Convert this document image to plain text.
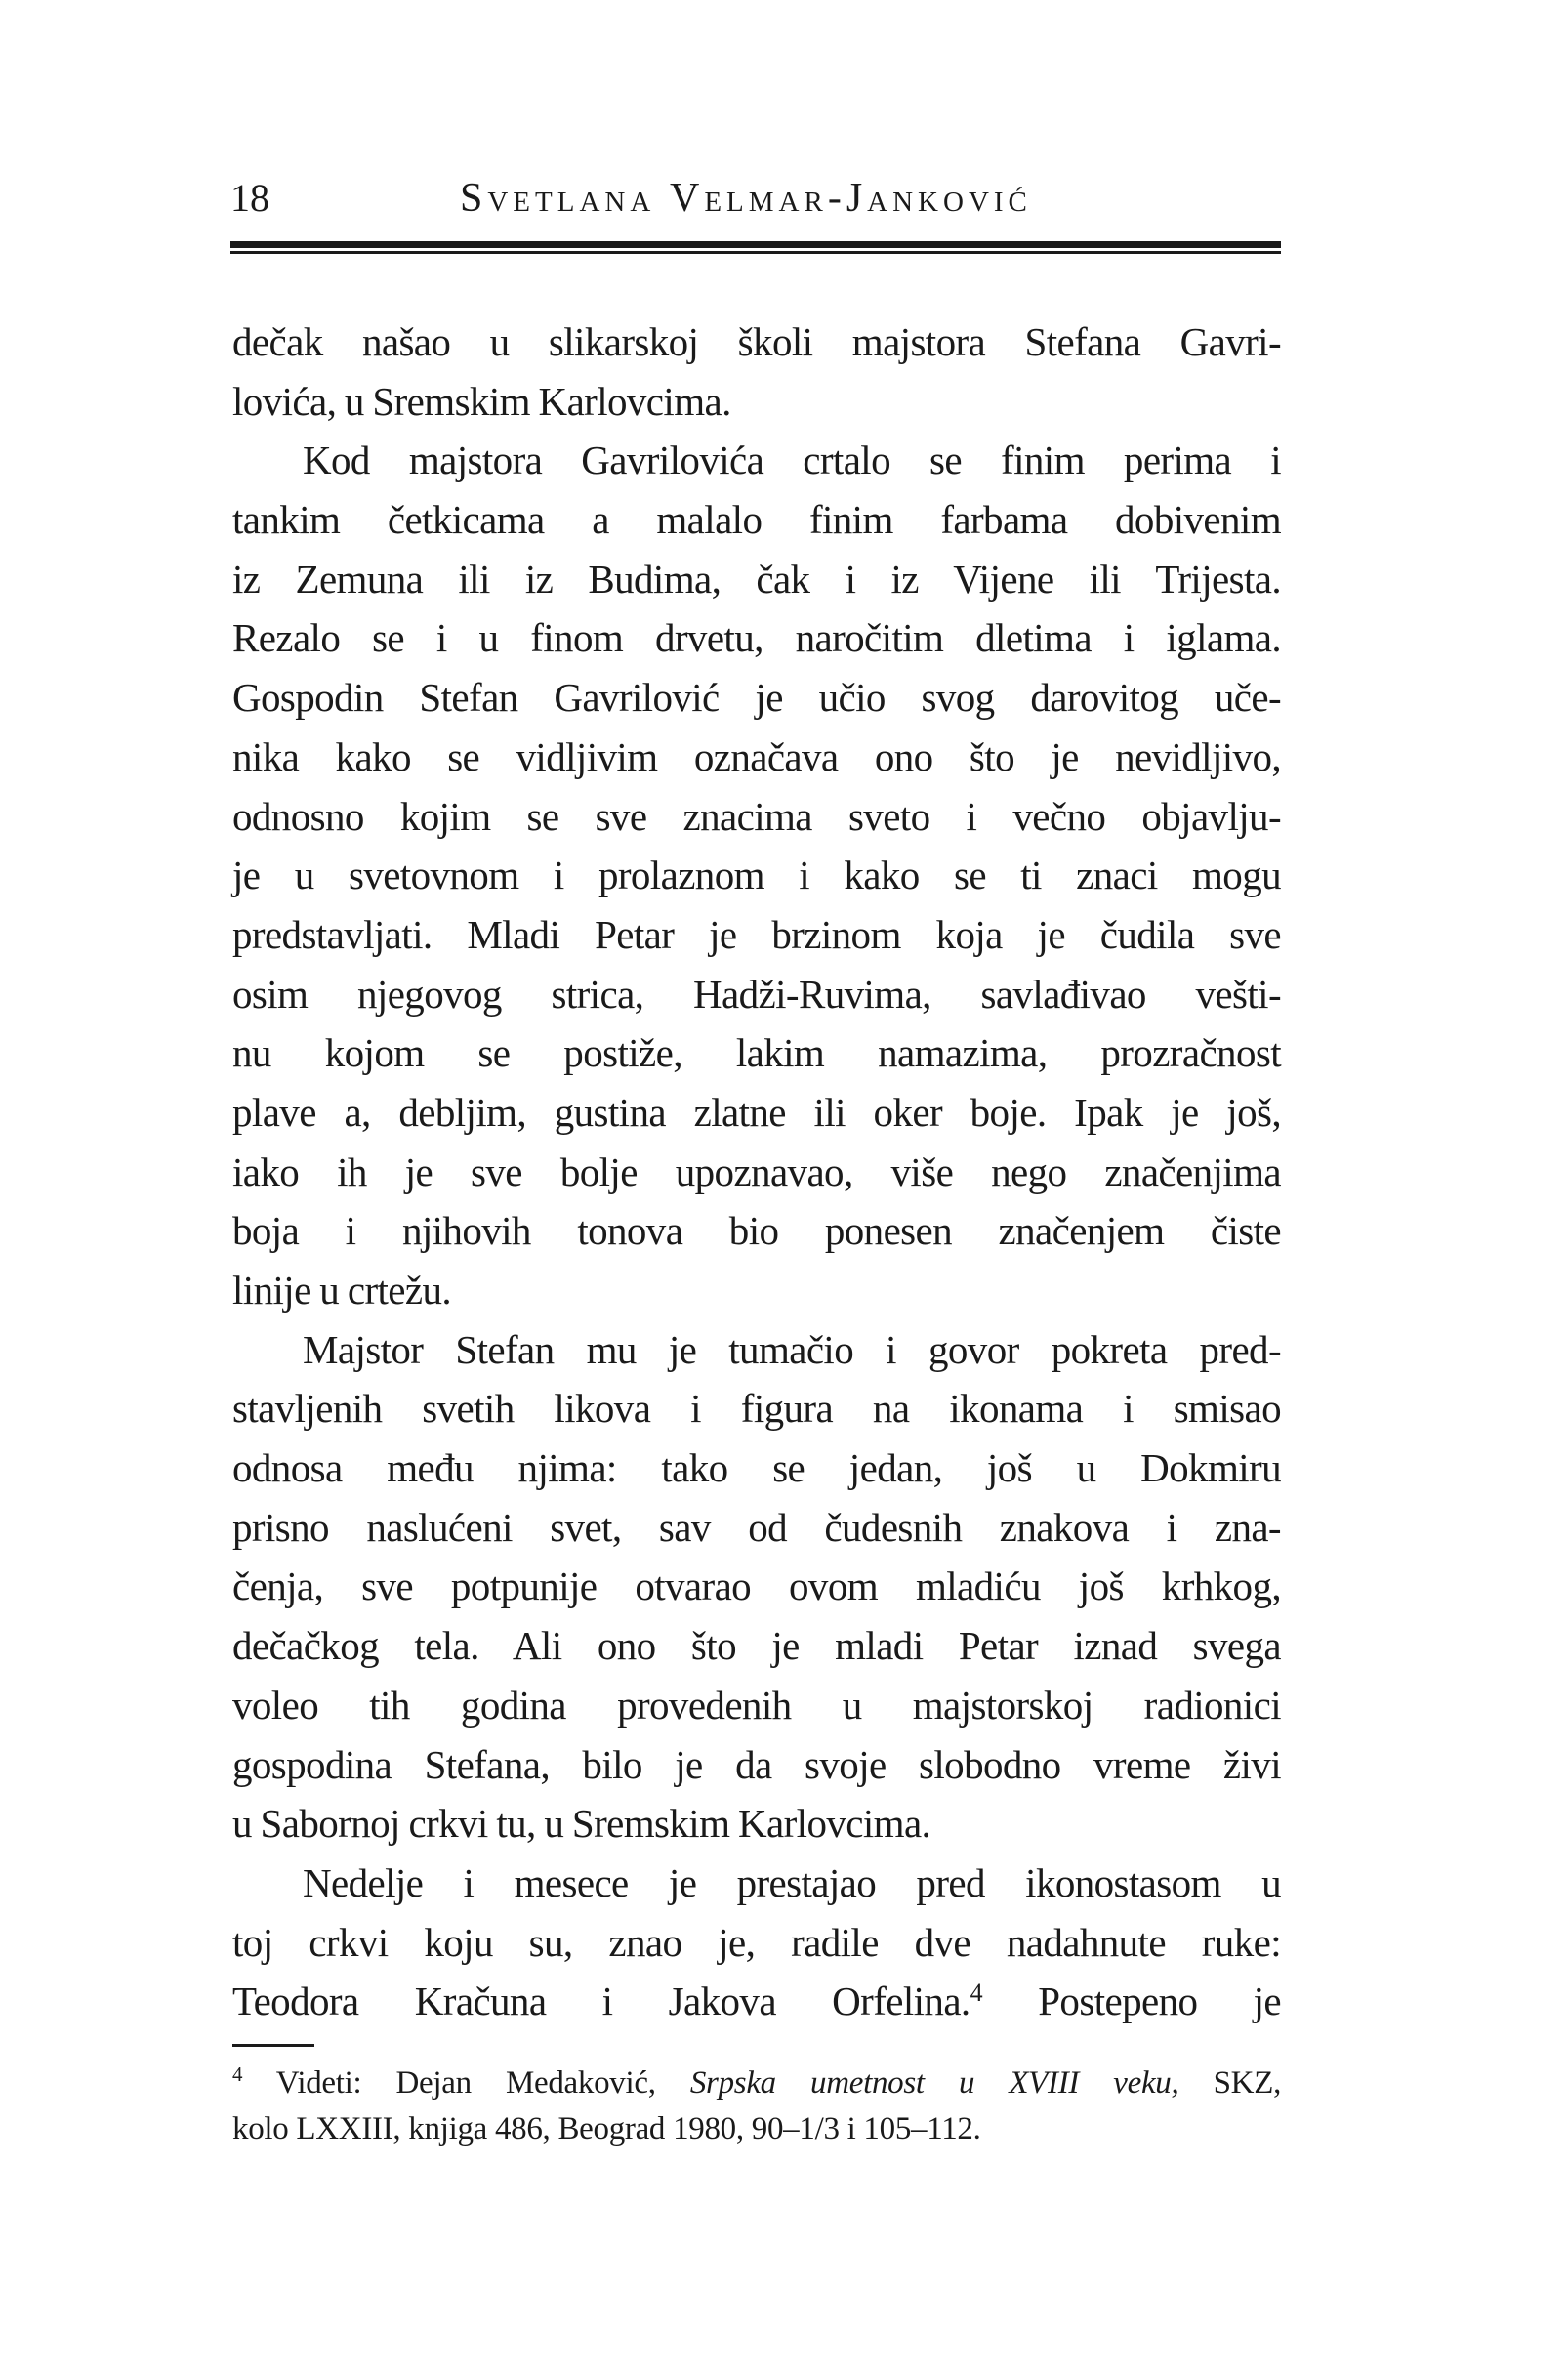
18	Svetlana Velmar-Janković
dečak našao u slikarskoj školi majstora Stefana Gavri-
lovića, u Sremskim Karlovcima.
Kod majstora Gavrilovića crtalo se finim perima i
tankim četkicama a malalo finim farbama dobivenim
iz Zemuna ili iz Budima, čak i iz Vijene ili Trijesta.
Rezalo se i u finom drvetu, naročitim dletima i iglama.
Gospodin Stefan Gavrilović je učio svog darovitog uče-
nika kako se vidljivim označava ono što je nevidljivo,
odnosno kojim se sve znacima sveto i večno objavlju-
je u svetovnom i prolaznom i kako se ti znaci mogu
predstavljati. Mladi Petar je brzinom koja je čudila sve
osim njegovog strica, Hadži-Ruvima, savlađivao vešti-
nu kojom se postiže, lakim namazima, prozračnost
plave a, debljim, gustina zlatne ili oker boje. Ipak je još,
iako ih je sve bolje upoznavao, više nego značenjima
boja i njihovih tonova bio ponesen značenjem čiste
linije u crtežu.
Majstor Stefan mu je tumačio i govor pokreta pred-
stavljenih svetih likova i figura na ikonama i smisao
odnosa među njima: tako se jedan, još u Dokmiru
prisno naslućeni svet, sav od čudesnih znakova i zna-
čenja, sve potpunije otvarao ovom mladiću još krhkog,
dečačkog tela. Ali ono što je mladi Petar iznad svega
voleo tih godina provedenih u majstorskoj radionici
gospodina Stefana, bilo je da svoje slobodno vreme živi
u Sabornoj crkvi tu, u Sremskim Karlovcima.
Nedelje i mesece je prestajao pred ikonostasom u
toj crkvi koju su, znao je, radile dve nadahnute ruke:
Teodora Kračuna i Jakova Orfelina.$^4$ Postepeno je
$^4$ Videti: Dejan Medaković, Srpska umetnost u XVIII veku, SKZ,
kolo LXXIII, knjiga 486, Beograd 1980, 90–1/3 i 105–112.
